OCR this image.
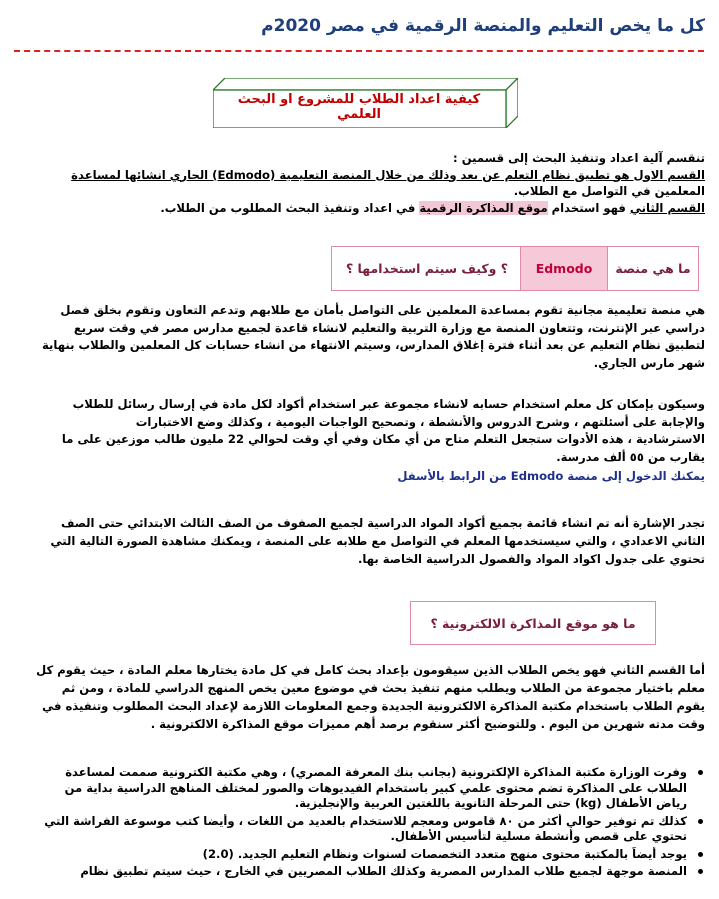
كل ما يخص التعليم والمنصة الرقمية في مصر 2020م
كيفية اعداد الطلاب للمشروع او البحث العلمي
تنقسم آلية اعداد وتنفيذ البحث إلى قسمين :
القسم الاول هو تطبيق نظام التعلم عن بعد وذلك من خلال المنصة التعليمية (Edmodo) الجاري انشائها لمساعدة
المعلمين في التواصل مع الطلاب.
القسم الثاني فهو استخدام موقع المذاكرة الرقمية في اعداد وتنفيذ البحث المطلوب من الطلاب.
ما هي منصة
Edmodo
؟ وكيف سيتم استخدامها ؟
هي منصة تعليمية مجانية تقوم بمساعدة المعلمين على التواصل بأمان مع طلابهم وتدعم التعاون وتقوم بخلق فصل
دراسي عبر الإنترنت، وتتعاون المنصة مع وزارة التربية والتعليم لانشاء قاعدة لجميع مدارس مصر في وقت سريع
لتطبيق نظام التعليم عن بعد أثناء فترة إغلاق المدارس، وسيتم الانتهاء من انشاء حسابات كل المعلمين والطلاب بنهاية
شهر مارس الجاري.
وسيكون بإمكان كل معلم استخدام حسابه لانشاء مجموعة عبر استخدام أكواد لكل مادة في إرسال رسائل للطلاب
والإجابة على أسئلتهم ، وشرح الدروس والأنشطة ، وتصحيح الواجبات اليومية ، وكذلك وضع الاختبارات
الاسترشادية ، هذه الأدوات ستجعل التعلم متاح من أي مكان وفي أي وقت لحوالي 22 مليون طالب موزعين على ما
يقارب من ٥٥ ألف مدرسة.
يمكنك الدخول إلى منصة Edmodo من الرابط بالأسفل
تجدر الإشارة أنه تم انشاء قائمة بجميع أكواد المواد الدراسية لجميع الصفوف من الصف الثالث الابتدائي حتى الصف
الثاني الاعدادي ، والتي سيستخدمها المعلم في التواصل مع طلابه على المنصة ، ويمكنك مشاهدة الصورة التالية التي
تحتوي على جدول اكواد المواد والفصول الدراسية الخاصة بها.
ما هو موقع المذاكرة الالكترونية ؟
أما القسم الثاني فهو يخص الطلاب الذين سيقومون بإعداد بحث كامل في كل مادة يختارها معلم المادة ، حيث يقوم كل
معلم باختيار مجموعة من الطلاب ويطلب منهم تنفيذ بحث في موضوع معين يخص المنهج الدراسي للمادة ، ومن ثم
يقوم الطلاب باستخدام مكتبة المذاكرة الالكترونية الجديدة وجمع المعلومات اللازمة لإعداد البحث المطلوب وتنفيذه في
وقت مدته شهرين من اليوم . وللتوضيح أكثر سنقوم برصد أهم مميزات موقع المذاكرة الالكترونية .
وفرت الوزارة مكتبة المذاكرة الإلكترونية (بجانب بنك المعرفة المصري) ، وهي مكتبة الكترونية صممت لمساعدة
الطلاب على المذاكرة تضم محتوى علمي كبير باستخدام الفيديوهات والصور لمختلف المناهج الدراسية بداية من
رياض الأطفال (kg) حتى المرحلة الثانوية باللغتين العربية والإنجليزية.
كذلك تم توفير حوالي أكثر من ٨٠ قاموس ومعجم للاستخدام بالعديد من اللغات ، وأيضا كتب موسوعة الفراشة التي
تحتوي على قصص وأنشطة مسلية لتأسيس الأطفال.
يوجد أيضاً بالمكتبة محتوى منهج متعدد التخصصات لسنوات ونظام التعليم الجديد. (2.0)
المنصة موجهة لجميع طلاب المدارس المصرية وكذلك الطلاب المصريين في الخارج ، حيث سيتم تطبيق نظام
